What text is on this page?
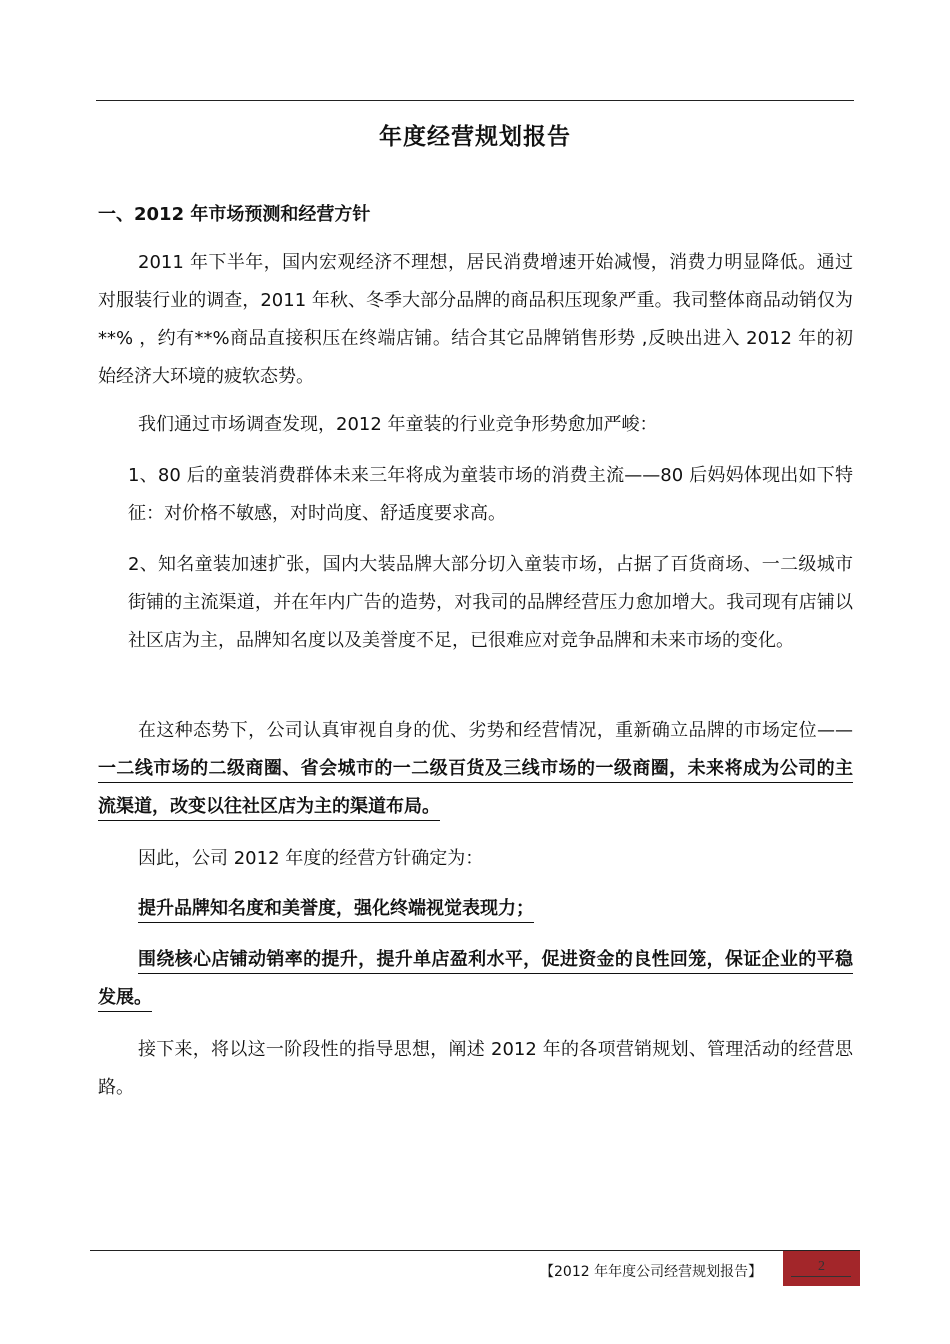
年度经营规划报告
一、2012 年市场预测和经营方针

2011 年下半年，国内宏观经济不理想，居民消费增速开始减慢，消费力明显降低。通过对服装行业的调查，2011 年秋、冬季大部分品牌的商品积压现象严重。我司整体商品动销仅为**% ，约有**%商品直接积压在终端店铺。结合其它品牌销售形势 ,反映出进入 2012 年的初始经济大环境的疲软态势。

我们通过市场调查发现，2012 年童装的行业竞争形势愈加严峻：

1、80 后的童装消费群体未来三年将成为童装市场的消费主流——80 后妈妈体现出如下特征：对价格不敏感，对时尚度、舒适度要求高。

2、知名童装加速扩张，国内大装品牌大部分切入童装市场，占据了百货商场、一二级城市街铺的主流渠道，并在年内广告的造势，对我司的品牌经营压力愈加增大。我司现有店铺以社区店为主，品牌知名度以及美誉度不足，已很难应对竞争品牌和未来市场的变化。

在这种态势下，公司认真审视自身的优、劣势和经营情况，重新确立品牌的市场定位——一二线市场的二级商圈、省会城市的一二级百货及三线市场的一级商圈，未来将成为公司的主流渠道，改变以往社区店为主的渠道布局。

因此，公司 2012 年度的经营方针确定为：

提升品牌知名度和美誉度，强化终端视觉表现力；

围绕核心店铺动销率的提升，提升单店盈利水平，促进资金的良性回笼，保证企业的平稳发展。

接下来，将以这一阶段性的指导思想，阐述 2012 年的各项营销规划、管理活动的经营思路。

【2012 年年度公司经营规划报告】	2
